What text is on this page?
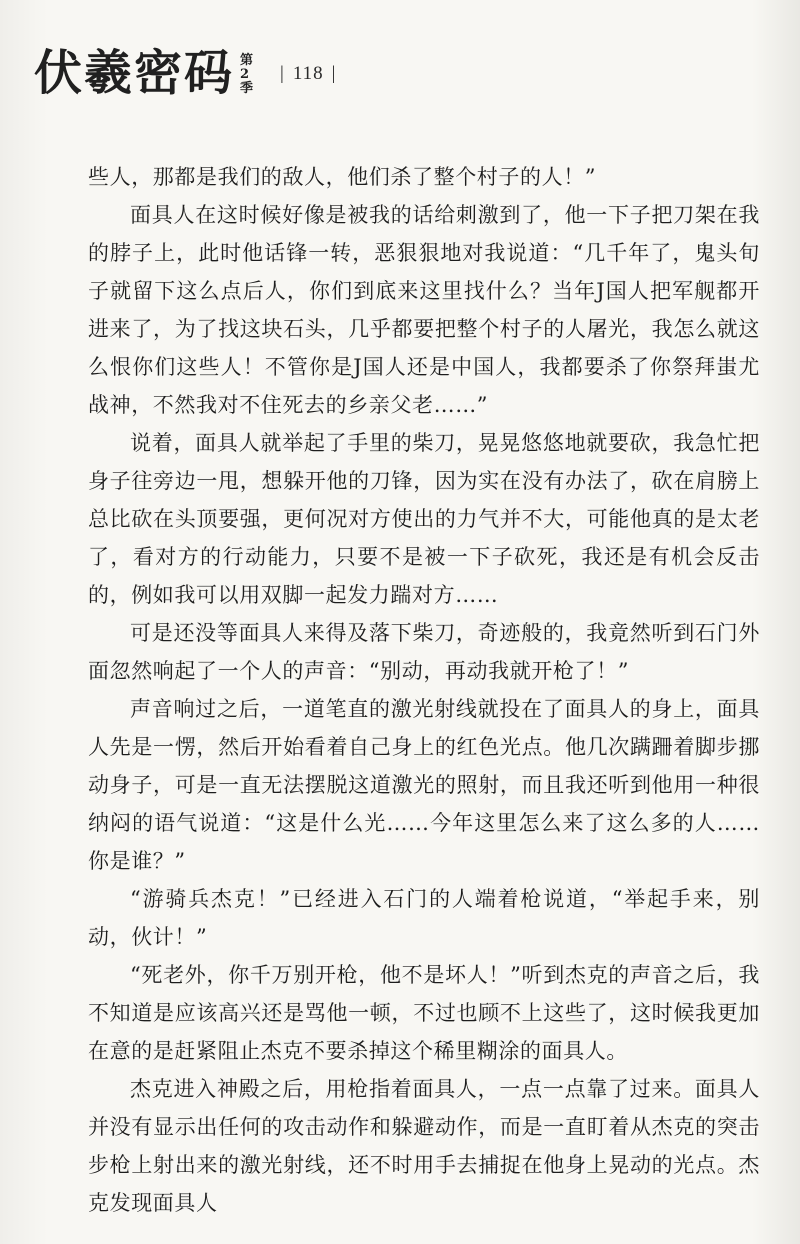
伏羲密码 第2季
| 118 |

些人，那都是我们的敌人，他们杀了整个村子的人！”

面具人在这时候好像是被我的话给刺激到了，他一下子把刀架在我的脖子上，此时他话锋一转，恶狠狠地对我说道：“几千年了，鬼头旬子就留下这么点后人，你们到底来这里找什么？当年J国人把军舰都开进来了，为了找这块石头，几乎都要把整个村子的人屠光，我怎么就这么恨你们这些人！不管你是J国人还是中国人，我都要杀了你祭拜蚩尤战神，不然我对不住死去的乡亲父老……”

说着，面具人就举起了手里的柴刀，晃晃悠悠地就要砍，我急忙把身子往旁边一甩，想躲开他的刀锋，因为实在没有办法了，砍在肩膀上总比砍在头顶要强，更何况对方使出的力气并不大，可能他真的是太老了，看对方的行动能力，只要不是被一下子砍死，我还是有机会反击的，例如我可以用双脚一起发力踹对方……

可是还没等面具人来得及落下柴刀，奇迹般的，我竟然听到石门外面忽然响起了一个人的声音：“别动，再动我就开枪了！”

声音响过之后，一道笔直的激光射线就投在了面具人的身上，面具人先是一愣，然后开始看着自己身上的红色光点。他几次蹒跚着脚步挪动身子，可是一直无法摆脱这道激光的照射，而且我还听到他用一种很纳闷的语气说道：“这是什么光……今年这里怎么来了这么多的人……你是谁？”

“游骑兵杰克！”已经进入石门的人端着枪说道，“举起手来，别动，伙计！”

“死老外，你千万别开枪，他不是坏人！”听到杰克的声音之后，我不知道是应该高兴还是骂他一顿，不过也顾不上这些了，这时候我更加在意的是赶紧阻止杰克不要杀掉这个稀里糊涂的面具人。

杰克进入神殿之后，用枪指着面具人，一点一点靠了过来。面具人并没有显示出任何的攻击动作和躲避动作，而是一直盯着从杰克的突击步枪上射出来的激光射线，还不时用手去捕捉在他身上晃动的光点。杰克发现面具人
